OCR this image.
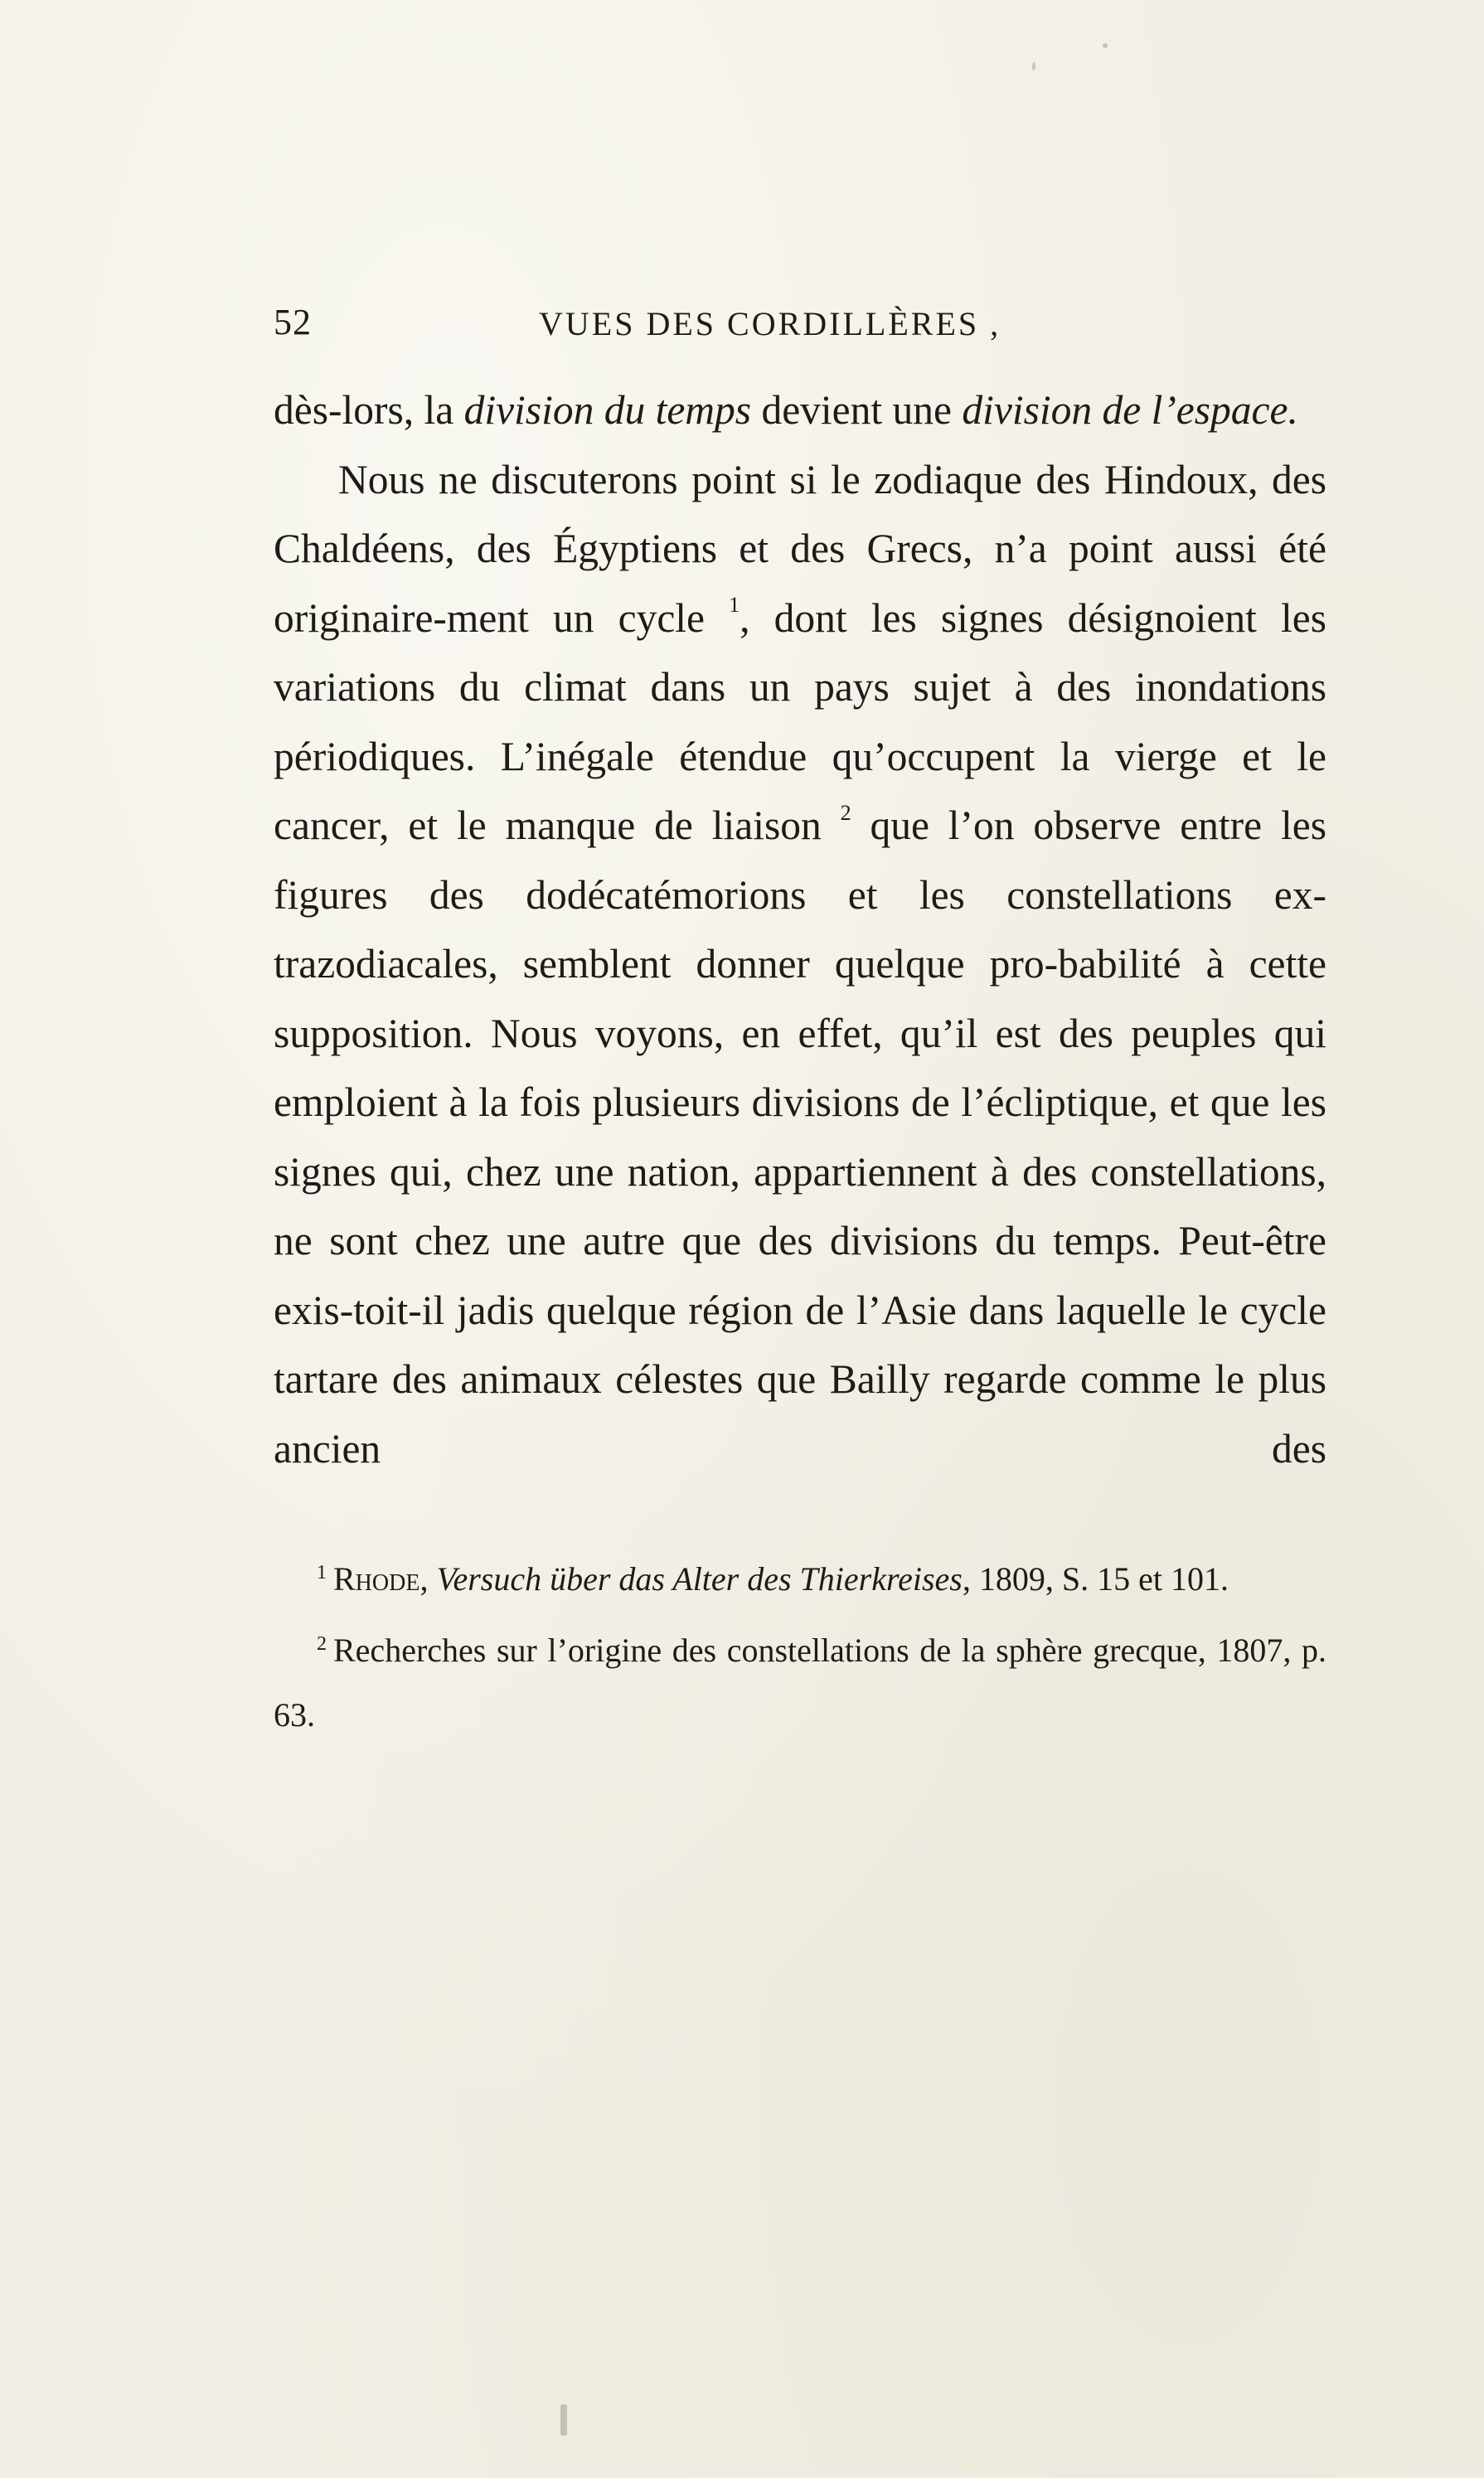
52	VUES DES CORDILLÈRES ,

dès-lors, la division du temps devient une division de l’espace.

Nous ne discuterons point si le zodiaque des Hindoux, des Chaldéens, des Égyptiens et des Grecs, n’a point aussi été originaire-ment un cycle $^1$, dont les signes désignoient les variations du climat dans un pays sujet à des inondations périodiques. L’inégale étendue qu’occupent la vierge et le cancer, et le manque de liaison $^2$ que l’on observe entre les figures des dodécatémorions et les constellations ex-trazodiacales, semblent donner quelque pro-babilité à cette supposition. Nous voyons, en effet, qu’il est des peuples qui emploient à la fois plusieurs divisions de l’écliptique, et que les signes qui, chez une nation, appartiennent à des constellations, ne sont chez une autre que des divisions du temps. Peut-être exis-toit-il jadis quelque région de l’Asie dans laquelle le cycle tartare des animaux célestes que Bailly regarde comme le plus ancien des

$^1$ Rhode, Versuch über das Alter des Thierkreises, 1809, S. 15 et 101.

$^2$ Recherches sur l’origine des constellations de la sphère grecque, 1807, p. 63.
